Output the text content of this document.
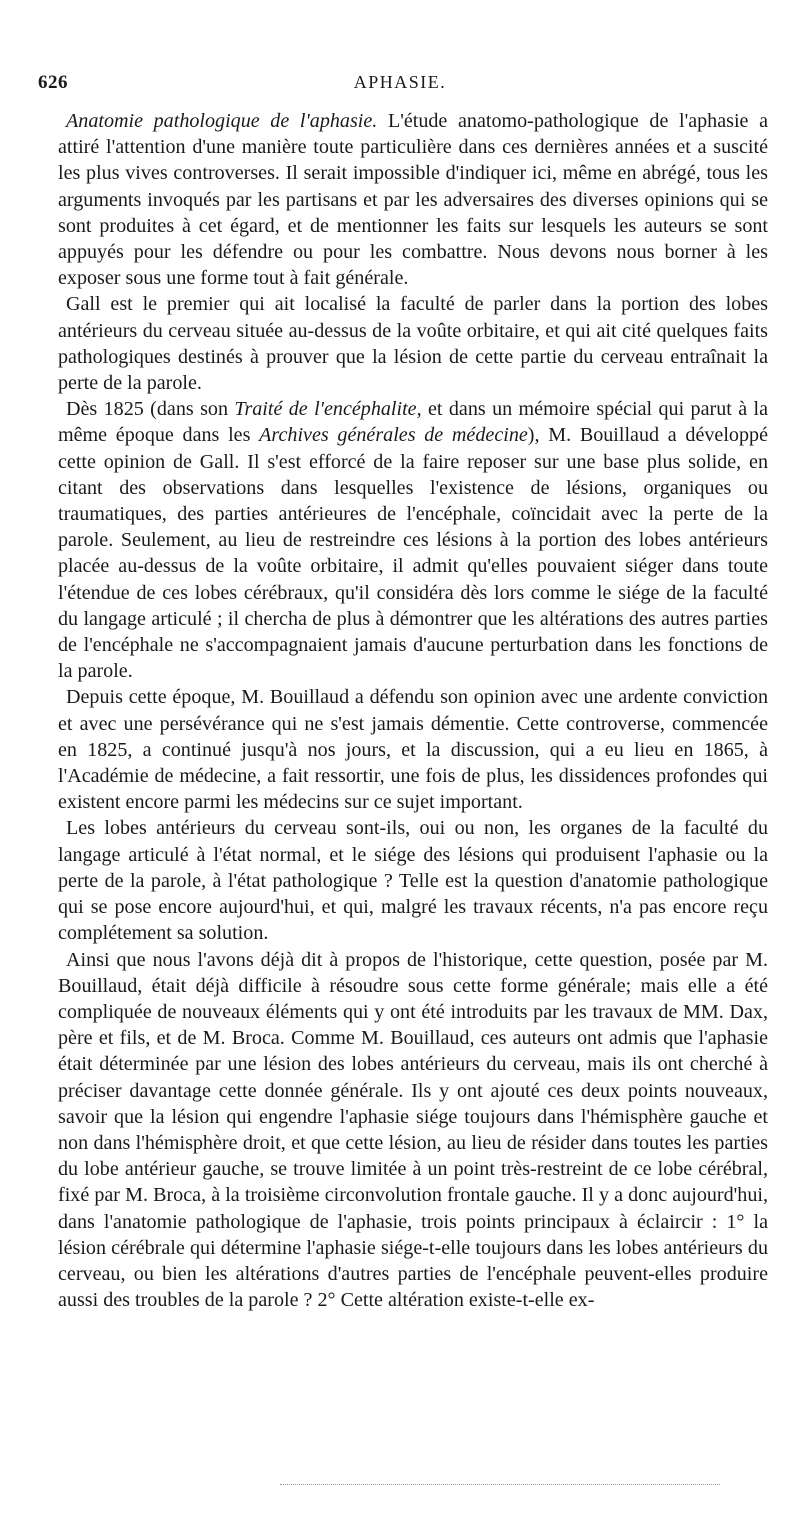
626	APHASIE.

Anatomie pathologique de l'aphasie. L'étude anatomo-pathologique de l'aphasie a attiré l'attention d'une manière toute particulière dans ces dernières années et a suscité les plus vives controverses. Il serait impossible d'indiquer ici, même en abrégé, tous les arguments invoqués par les partisans et par les adversaires des diverses opinions qui se sont produites à cet égard, et de mentionner les faits sur lesquels les auteurs se sont appuyés pour les défendre ou pour les combattre. Nous devons nous borner à les exposer sous une forme tout à fait générale.

Gall est le premier qui ait localisé la faculté de parler dans la portion des lobes antérieurs du cerveau située au-dessus de la voûte orbitaire, et qui ait cité quelques faits pathologiques destinés à prouver que la lésion de cette partie du cerveau entraînait la perte de la parole.

Dès 1825 (dans son Traité de l'encéphalite, et dans un mémoire spécial qui parut à la même époque dans les Archives générales de médecine), M. Bouillaud a développé cette opinion de Gall. Il s'est efforcé de la faire reposer sur une base plus solide, en citant des observations dans lesquelles l'existence de lésions, organiques ou traumatiques, des parties antérieures de l'encéphale, coïncidait avec la perte de la parole. Seulement, au lieu de restreindre ces lésions à la portion des lobes antérieurs placée au-dessus de la voûte orbitaire, il admit qu'elles pouvaient siéger dans toute l'étendue de ces lobes cérébraux, qu'il considéra dès lors comme le siége de la faculté du langage articulé ; il chercha de plus à démontrer que les altérations des autres parties de l'encéphale ne s'accompagnaient jamais d'aucune perturbation dans les fonctions de la parole.

Depuis cette époque, M. Bouillaud a défendu son opinion avec une ardente conviction et avec une persévérance qui ne s'est jamais démentie. Cette controverse, commencée en 1825, a continué jusqu'à nos jours, et la discussion, qui a eu lieu en 1865, à l'Académie de médecine, a fait ressortir, une fois de plus, les dissidences profondes qui existent encore parmi les médecins sur ce sujet important.

Les lobes antérieurs du cerveau sont-ils, oui ou non, les organes de la faculté du langage articulé à l'état normal, et le siége des lésions qui produisent l'aphasie ou la perte de la parole, à l'état pathologique ? Telle est la question d'anatomie pathologique qui se pose encore aujourd'hui, et qui, malgré les travaux récents, n'a pas encore reçu complétement sa solution.

Ainsi que nous l'avons déjà dit à propos de l'historique, cette question, posée par M. Bouillaud, était déjà difficile à résoudre sous cette forme générale; mais elle a été compliquée de nouveaux éléments qui y ont été introduits par les travaux de MM. Dax, père et fils, et de M. Broca. Comme M. Bouillaud, ces auteurs ont admis que l'aphasie était déterminée par une lésion des lobes antérieurs du cerveau, mais ils ont cherché à préciser davantage cette donnée générale. Ils y ont ajouté ces deux points nouveaux, savoir que la lésion qui engendre l'aphasie siége toujours dans l'hémisphère gauche et non dans l'hémisphère droit, et que cette lésion, au lieu de résider dans toutes les parties du lobe antérieur gauche, se trouve limitée à un point très-restreint de ce lobe cérébral, fixé par M. Broca, à la troisième circonvolution frontale gauche. Il y a donc aujourd'hui, dans l'anatomie pathologique de l'aphasie, trois points principaux à éclaircir : 1° la lésion cérébrale qui détermine l'aphasie siége-t-elle toujours dans les lobes antérieurs du cerveau, ou bien les altérations d'autres parties de l'encéphale peuvent-elles produire aussi des troubles de la parole ? 2° Cette altération existe-t-elle ex-
